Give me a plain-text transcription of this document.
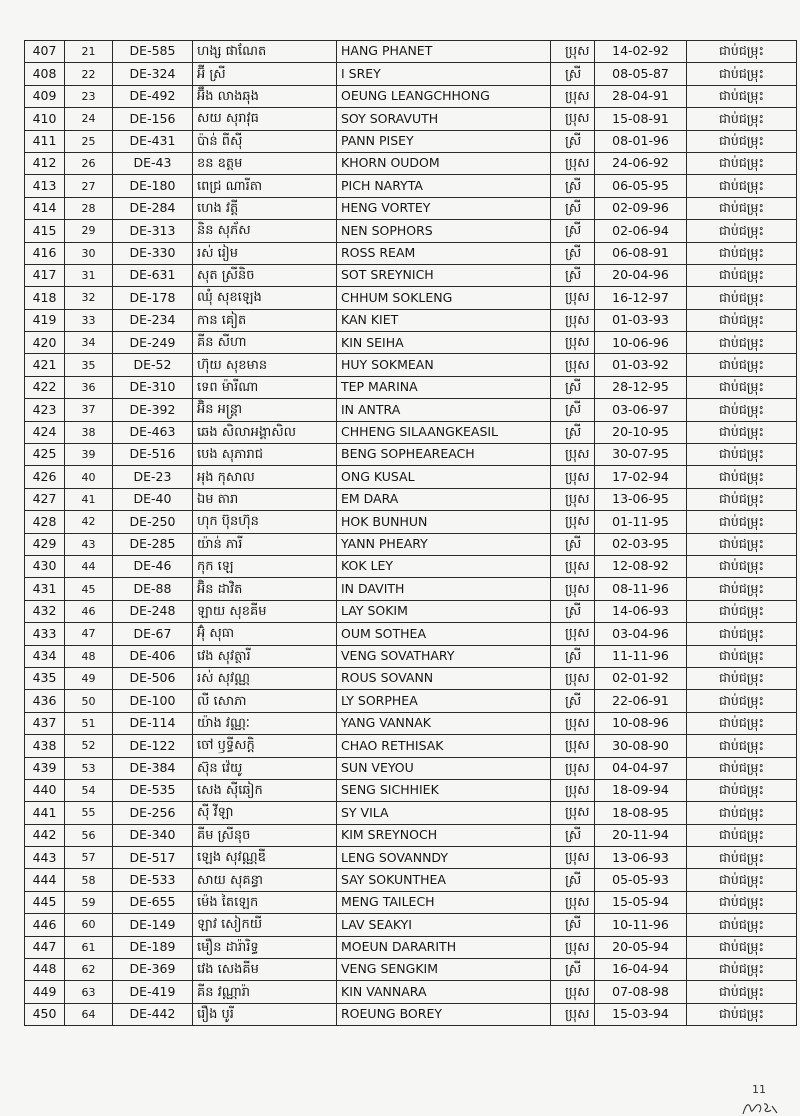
407	21	DE-585	ហង្ស ផាណែត	HANG PHANET	ប្រុស	14-02-92	ជាប់ជម្រុះ
408	22	DE-324	អ៊ី ស្រី	I SREY	ស្រី	08-05-87	ជាប់ជម្រុះ
409	23	DE-492	អ៊ឹង លាងឆុង	OEUNG LEANGCHHONG	ប្រុស	28-04-91	ជាប់ជម្រុះ
410	24	DE-156	សយ សុរាវុធ	SOY SORAVUTH	ប្រុស	15-08-91	ជាប់ជម្រុះ
411	25	DE-431	ប៉ាន់ ពីស៊ី	PANN PISEY	ស្រី	08-01-96	ជាប់ជម្រុះ
412	26	DE-43	ខន ឧត្តម	KHORN OUDOM	ប្រុស	24-06-92	ជាប់ជម្រុះ
413	27	DE-180	ពេជ្រ ណារីតា	PICH NARYTA	ស្រី	06-05-95	ជាប់ជម្រុះ
414	28	DE-284	ហេង វត្តី	HENG VORTEY	ស្រី	02-09-96	ជាប់ជម្រុះ
415	29	DE-313	និន សុភ័ស	NEN SOPHORS	ស្រី	02-06-94	ជាប់ជម្រុះ
416	30	DE-330	រស់ រៀម	ROSS REAM	ស្រី	06-08-91	ជាប់ជម្រុះ
417	31	DE-631	សុត ស្រីនិច	SOT SREYNICH	ស្រី	20-04-96	ជាប់ជម្រុះ
418	32	DE-178	ឈុំ សុខឡេង	CHHUM SOKLENG	ប្រុស	16-12-97	ជាប់ជម្រុះ
419	33	DE-234	កាន គៀត	KAN KIET	ប្រុស	01-03-93	ជាប់ជម្រុះ
420	34	DE-249	គីន សីហា	KIN SEIHA	ប្រុស	10-06-96	ជាប់ជម្រុះ
421	35	DE-52	ហ៊ុយ សុខមាន	HUY SOKMEAN	ប្រុស	01-03-92	ជាប់ជម្រុះ
422	36	DE-310	ទេព ម៉ារីណា	TEP MARINA	ស្រី	28-12-95	ជាប់ជម្រុះ
423	37	DE-392	អ៊ិន អន្ត្រា	IN ANTRA	ស្រី	03-06-97	ជាប់ជម្រុះ
424	38	DE-463	ឆេង សិលាអង្គាសិល	CHHENG SILAANGKEASIL	ស្រី	20-10-95	ជាប់ជម្រុះ
425	39	DE-516	បេង សុភារាជ	BENG SOPHEAREACH	ប្រុស	30-07-95	ជាប់ជម្រុះ
426	40	DE-23	អុង កុសាល	ONG KUSAL	ប្រុស	17-02-94	ជាប់ជម្រុះ
427	41	DE-40	ឯម តារា	EM DARA	ប្រុស	13-06-95	ជាប់ជម្រុះ
428	42	DE-250	ហុក ប៊ុនហ៊ុន	HOK BUNHUN	ប្រុស	01-11-95	ជាប់ជម្រុះ
429	43	DE-285	យ៉ាន់ ភារី	YANN PHEARY	ស្រី	02-03-95	ជាប់ជម្រុះ
430	44	DE-46	កុក ឡេ	KOK LEY	ប្រុស	12-08-92	ជាប់ជម្រុះ
431	45	DE-88	អ៊ិន ដាវិត	IN DAVITH	ប្រុស	08-11-96	ជាប់ជម្រុះ
432	46	DE-248	ឡាយ សុខគីម	LAY SOKIM	ស្រី	14-06-93	ជាប់ជម្រុះ
433	47	DE-67	អ៊ុំ សុធា	OUM SOTHEA	ប្រុស	03-04-96	ជាប់ជម្រុះ
434	48	DE-406	វេង សុវត្ថារី	VENG SOVATHARY	ស្រី	11-11-96	ជាប់ជម្រុះ
435	49	DE-506	រស់ សុវណ្ណ	ROUS SOVANN	ប្រុស	02-01-92	ជាប់ជម្រុះ
436	50	DE-100	លី សោភា	LY SORPHEA	ស្រី	22-06-91	ជាប់ជម្រុះ
437	51	DE-114	យ៉ាង វណ្ណៈ	YANG VANNAK	ប្រុស	10-08-96	ជាប់ជម្រុះ
438	52	DE-122	ចៅ ឫទ្ធីសក្តិ	CHAO RETHISAK	ប្រុស	30-08-90	ជាប់ជម្រុះ
439	53	DE-384	ស៊ុន វ៉េយូ	SUN VEYOU	ប្រុស	04-04-97	ជាប់ជម្រុះ
440	54	DE-535	សេង ស៊ីឆៀក	SENG SICHHIEK	ប្រុស	18-09-94	ជាប់ជម្រុះ
441	55	DE-256	ស៊ី វីឡា	SY VILA	ប្រុស	18-08-95	ជាប់ជម្រុះ
442	56	DE-340	គីម ស្រីនុច	KIM SREYNOCH	ស្រី	20-11-94	ជាប់ជម្រុះ
443	57	DE-517	ឡេង សុវណ្ណឌី	LENG SOVANNDY	ប្រុស	13-06-93	ជាប់ជម្រុះ
444	58	DE-533	សាយ សុគន្ធា	SAY SOKUNTHEA	ស្រី	05-05-93	ជាប់ជម្រុះ
445	59	DE-655	ម៉េង តៃឡេក	MENG TAILECH	ប្រុស	15-05-94	ជាប់ជម្រុះ
446	60	DE-149	ឡាវ សៀកយី	LAV SEAKYI	ស្រី	10-11-96	ជាប់ជម្រុះ
447	61	DE-189	មឿន ដារ៉ារិទ្ធ	MOEUN DARARITH	ប្រុស	20-05-94	ជាប់ជម្រុះ
448	62	DE-369	វេង សេងគីម	VENG SENGKIM	ស្រី	16-04-94	ជាប់ជម្រុះ
449	63	DE-419	គីន វណ្ណារ៉ា	KIN VANNARA	ប្រុស	07-08-98	ជាប់ជម្រុះ
450	64	DE-442	រឿង បូរី	ROEUNG BOREY	ប្រុស	15-03-94	ជាប់ជម្រុះ
11
